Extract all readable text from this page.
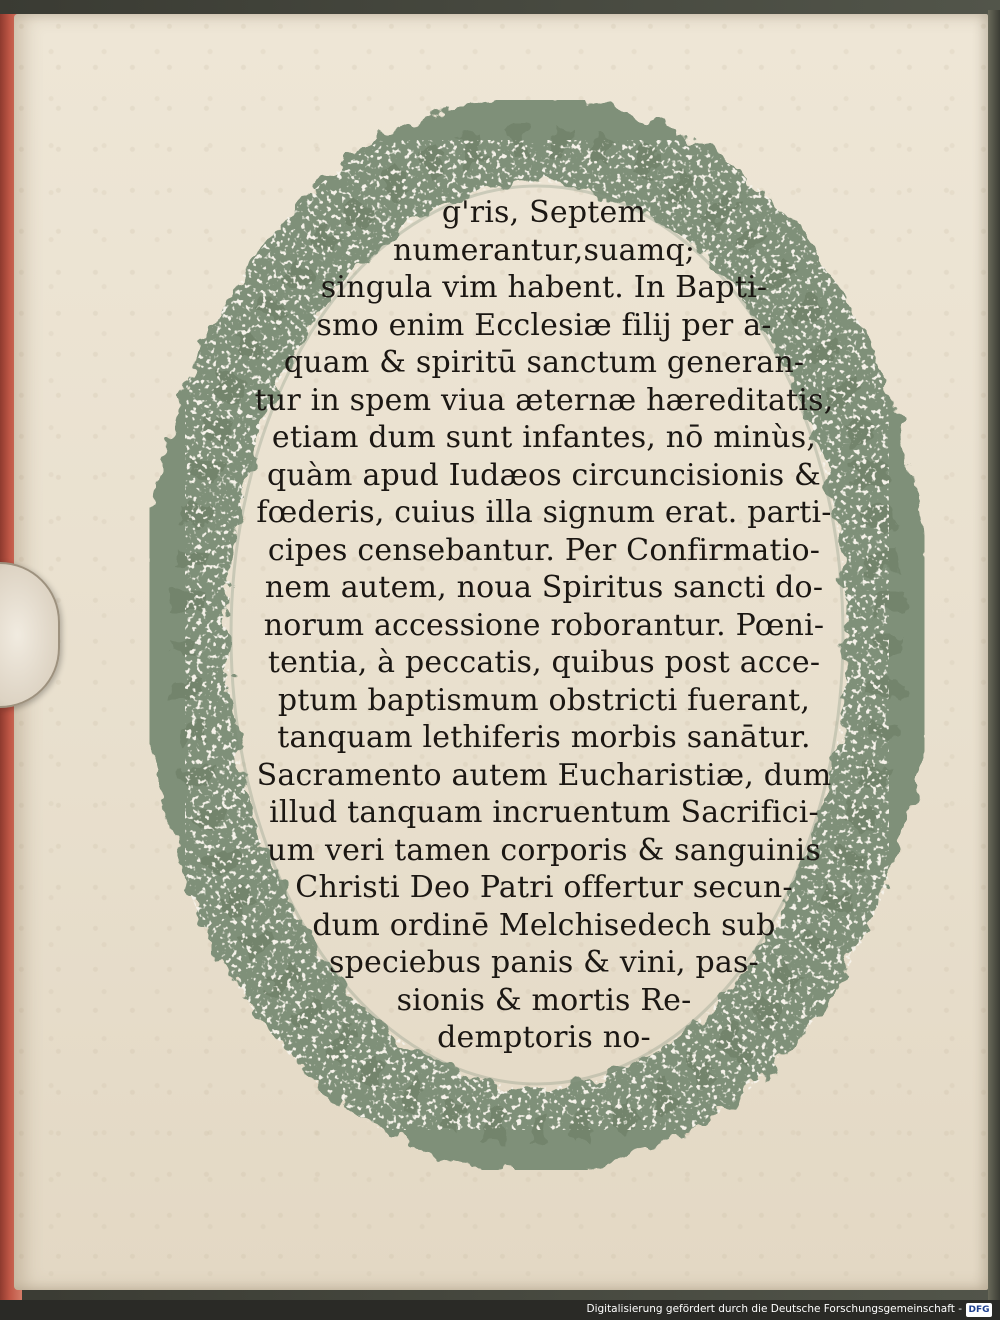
g'ris, Septem
numerantur,suamq;
singula vim habent. In Bapti-
smo enim Ecclesiæ filij per a-
quam & spiritū sanctum generan-
tur in spem viua æternæ hæreditatis,
etiam dum sunt infantes, nō minùs,
quàm apud Iudæos circuncisionis &
fœderis, cuius illa signum erat. parti-
cipes censebantur. Per Confirmatio-
nem autem, noua Spiritus sancti do-
norum accessione roborantur. Pœni-
tentia, à peccatis, quibus post acce-
ptum baptismum obstricti fuerant,
tanquam lethiferis morbis sanātur.
Sacramento autem Eucharistiæ, dum
illud tanquam incruentum Sacrifici-
um veri tamen corporis & sanguinis
Christi Deo Patri offertur secun-
dum ordinē Melchisedech sub
speciebus panis & vini, pas-
sionis & mortis Re-
demptoris no-
Digitalisierung gefördert durch die Deutsche Forschungsgemeinschaft - DFG
